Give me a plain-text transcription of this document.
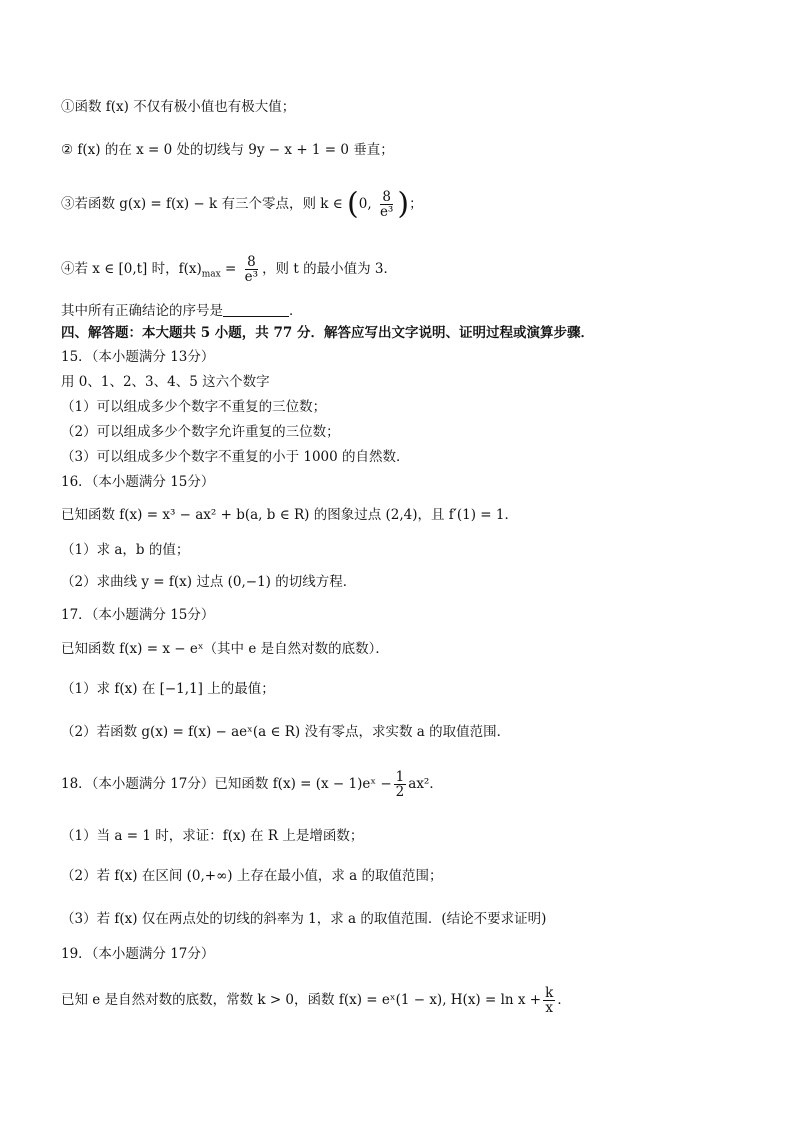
①函数 f(x) 不仅有极小值也有极大值；
② f(x) 的在 x = 0 处的切线与 9y − x + 1 = 0 垂直；
③若函数 g(x) = f(x) − k 有三个零点，则 k ∈ (0, $\frac{8}{\text{e³}}$ )；
④若 x ∈ [0,t] 时，$f(x)_{max} = \frac{8}{\text{e³}}$ ，则 t 的最小值为 3．
其中所有正确结论的序号是	．
四、解答题：本大题共 5 小题，共 77 分．解答应写出文字说明、证明过程或演算步骤．
15．（本小题满分 13分）
用 0、1、2、3、4、5 这六个数字
（1）可以组成多少个数字不重复的三位数；
（2）可以组成多少个数字允许重复的三位数；
（3）可以组成多少个数字不重复的小于 1000 的自然数．
16．（本小题满分 15分）
已知函数 f(x) = x³ − ax² + b(a, b ∈ R) 的图象过点 (2,4)，且 f′(1) = 1．
（1）求 a，b 的值；
（2）求曲线 y = f(x) 过点 (0,−1) 的切线方程．
17．（本小题满分 15分）
已知函数 f(x) = x − eˣ（其中 e 是自然对数的底数）．
（1）求 f(x) 在 [−1,1] 上的最值；
（2）若函数 g(x) = f(x) − aeˣ(a ∈ R) 没有零点，求实数 a 的取值范围．
18．（本小题满分 17分）已知函数 f(x) = (x − 1)eˣ − $\frac{1}{2} ax^2$．
（1）当 a = 1 时，求证：f(x) 在 R 上是增函数；
（2）若 f(x) 在区间 (0,+∞) 上存在最小值，求 a 的取值范围；
（3）若 f(x) 仅在两点处的切线的斜率为 1，求 a 的取值范围．(结论不要求证明)
19．（本小题满分 17分）
已知 e 是自然对数的底数，常数 k > 0，函数 f(x) = eˣ(1 − x), $H(x) = \ln x + \frac{k}{x}$ ．
